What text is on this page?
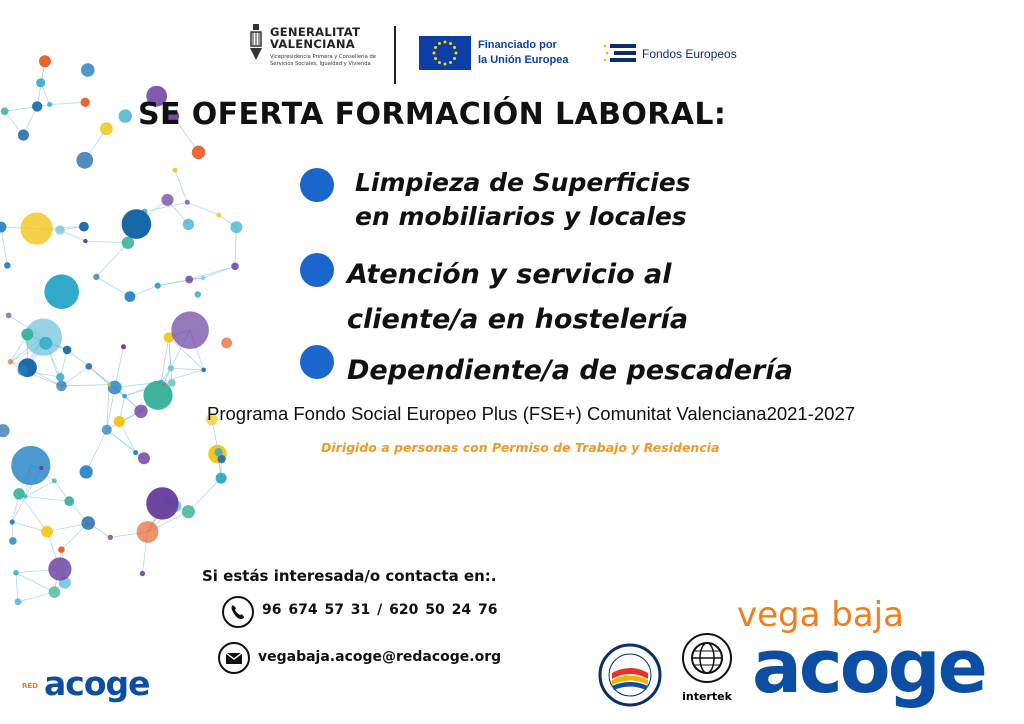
GENERALITAT
VALENCIANA
Vicepresidència Primera y Conselleria de Servicios Sociales, Igualdad y Vivienda
Financiado por
la Unión Europea	Fondos Europeos
SE OFERTA FORMACIÓN LABORAL:
Limpieza de Superficies
en mobiliarios y locales
Atención y servicio al
cliente/a en hostelería
Dependiente/a de pescadería
Programa Fondo Social Europeo Plus (FSE+) Comunitat Valenciana2021-2027
Dirigido a personas con Permiso de Trabajo y Residencia
Si estás interesada/o contacta en:.
96 674 57 31 / 620 50 24 76
vegabaja.acoge@redacoge.org
RED acoge	intertek
vega baja
acoge
